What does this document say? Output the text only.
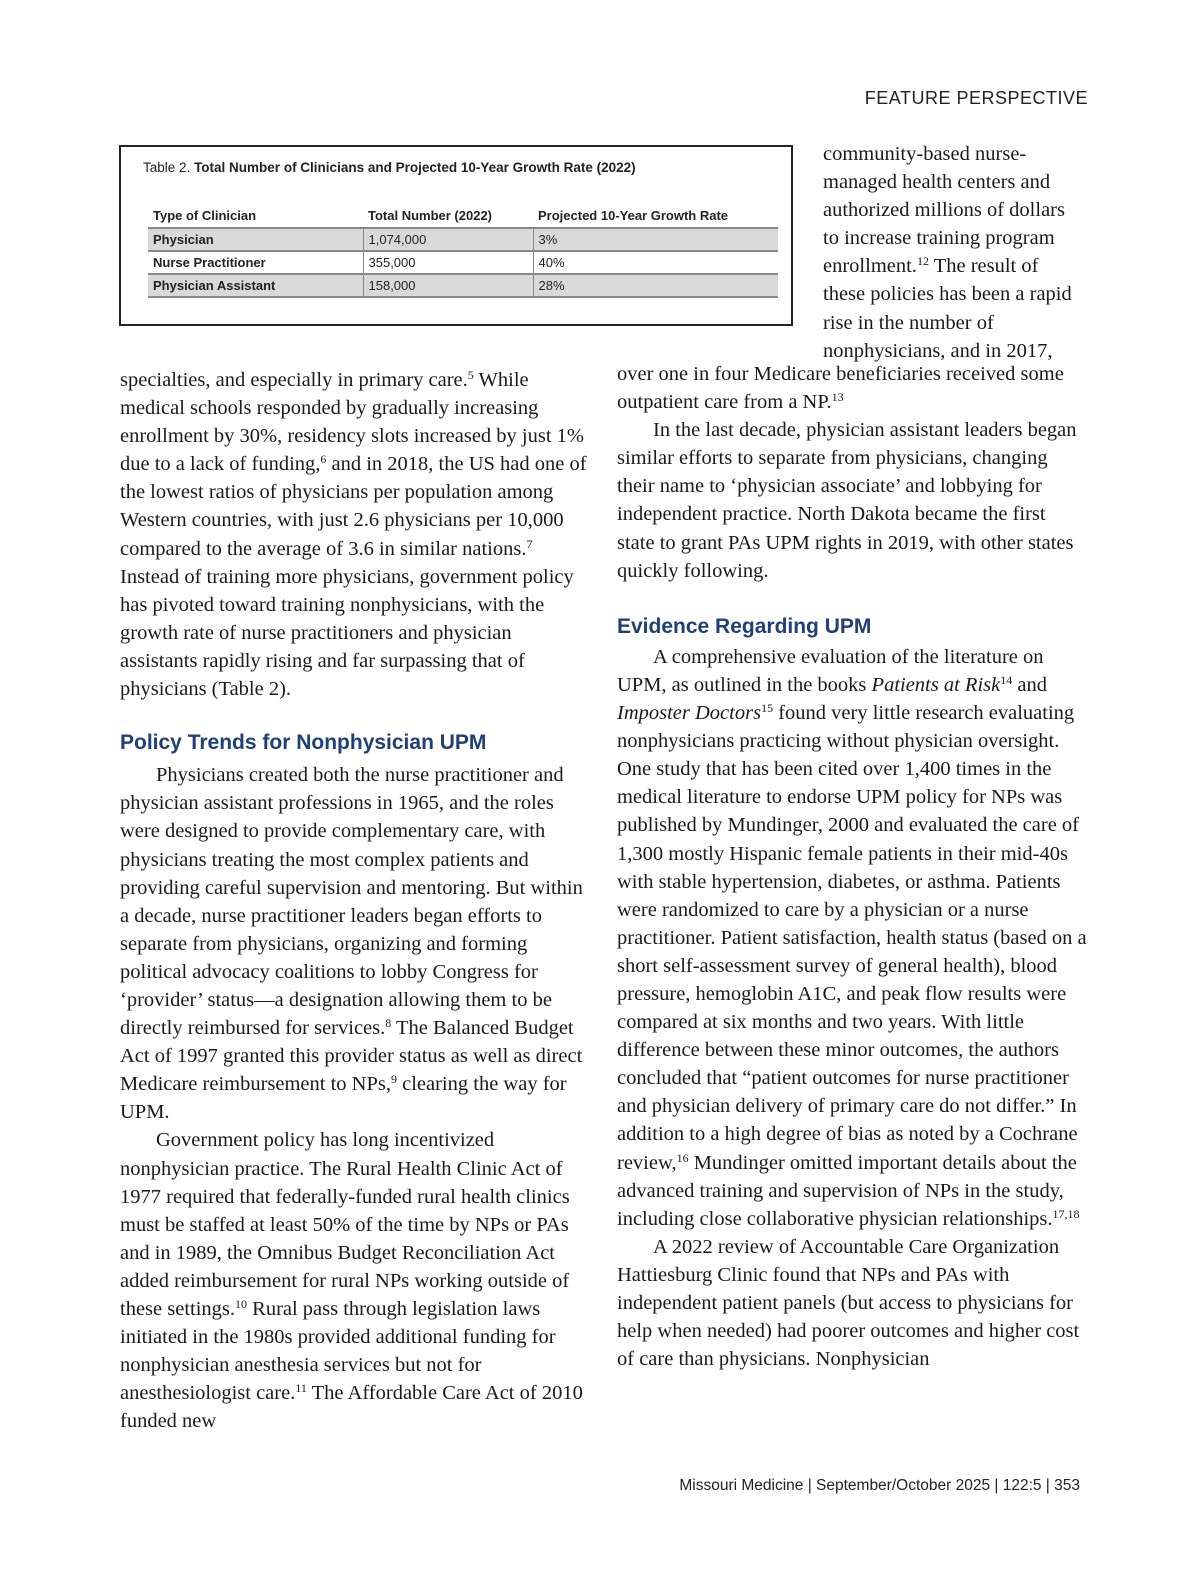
FEATURE PERSPECTIVE
Table 2. Total Number of Clinicians and Projected 10-Year Growth Rate (2022)
Type of Clinician	Total Number (2022)	Projected 10-Year Growth Rate
Physician	1,074,000	3%
Nurse Practitioner	355,000	40%
Physician Assistant	158,000	28%

community-based nurse-managed health centers and authorized millions of dollars to increase training program enrollment.$^{12}$ The result of these policies has been a rapid rise in the number of nonphysicians, and in 2017,

specialties, and especially in primary care.$^5$ While medical schools responded by gradually increasing enrollment by 30%, residency slots increased by just 1% due to a lack of funding,$^6$ and in 2018, the US had one of the lowest ratios of physicians per population among Western countries, with just 2.6 physicians per 10,000 compared to the average of 3.6 in similar nations.$^7$ Instead of training more physicians, government policy has pivoted toward training nonphysicians, with the growth rate of nurse practitioners and physician assistants rapidly rising and far surpassing that of physicians (Table 2).

Policy Trends for Nonphysician UPM

Physicians created both the nurse practitioner and physician assistant professions in 1965, and the roles were designed to provide complementary care, with physicians treating the most complex patients and providing careful supervision and mentoring. But within a decade, nurse practitioner leaders began efforts to separate from physicians, organizing and forming political advocacy coalitions to lobby Congress for ‘provider’ status—a designation allowing them to be directly reimbursed for services.$^8$ The Balanced Budget Act of 1997 granted this provider status as well as direct Medicare reimbursement to NPs,$^9$ clearing the way for UPM.

Government policy has long incentivized nonphysician practice. The Rural Health Clinic Act of 1977 required that federally-funded rural health clinics must be staffed at least 50% of the time by NPs or PAs and in 1989, the Omnibus Budget Reconciliation Act added reimbursement for rural NPs working outside of these settings.$^{10}$ Rural pass through legislation laws initiated in the 1980s provided additional funding for nonphysician anesthesia services but not for anesthesiologist care.$^{11}$ The Affordable Care Act of 2010 funded new

over one in four Medicare beneficiaries received some outpatient care from a NP.$^{13}$

In the last decade, physician assistant leaders began similar efforts to separate from physicians, changing their name to ‘physician associate’ and lobbying for independent practice. North Dakota became the first state to grant PAs UPM rights in 2019, with other states quickly following.

Evidence Regarding UPM

A comprehensive evaluation of the literature on UPM, as outlined in the books Patients at Risk$^{14}$ and Imposter Doctors$^{15}$ found very little research evaluating nonphysicians practicing without physician oversight. One study that has been cited over 1,400 times in the medical literature to endorse UPM policy for NPs was published by Mundinger, 2000 and evaluated the care of 1,300 mostly Hispanic female patients in their mid-40s with stable hypertension, diabetes, or asthma. Patients were randomized to care by a physician or a nurse practitioner. Patient satisfaction, health status (based on a short self-assessment survey of general health), blood pressure, hemoglobin A1C, and peak flow results were compared at six months and two years. With little difference between these minor outcomes, the authors concluded that “patient outcomes for nurse practitioner and physician delivery of primary care do not differ.” In addition to a high degree of bias as noted by a Cochrane review,$^{16}$ Mundinger omitted important details about the advanced training and supervision of NPs in the study, including close collaborative physician relationships.$^{17,18}$

A 2022 review of Accountable Care Organization Hattiesburg Clinic found that NPs and PAs with independent patient panels (but access to physicians for help when needed) had poorer outcomes and higher cost of care than physicians. Nonphysician

Missouri Medicine | September/October 2025 | 122:5 | 353
